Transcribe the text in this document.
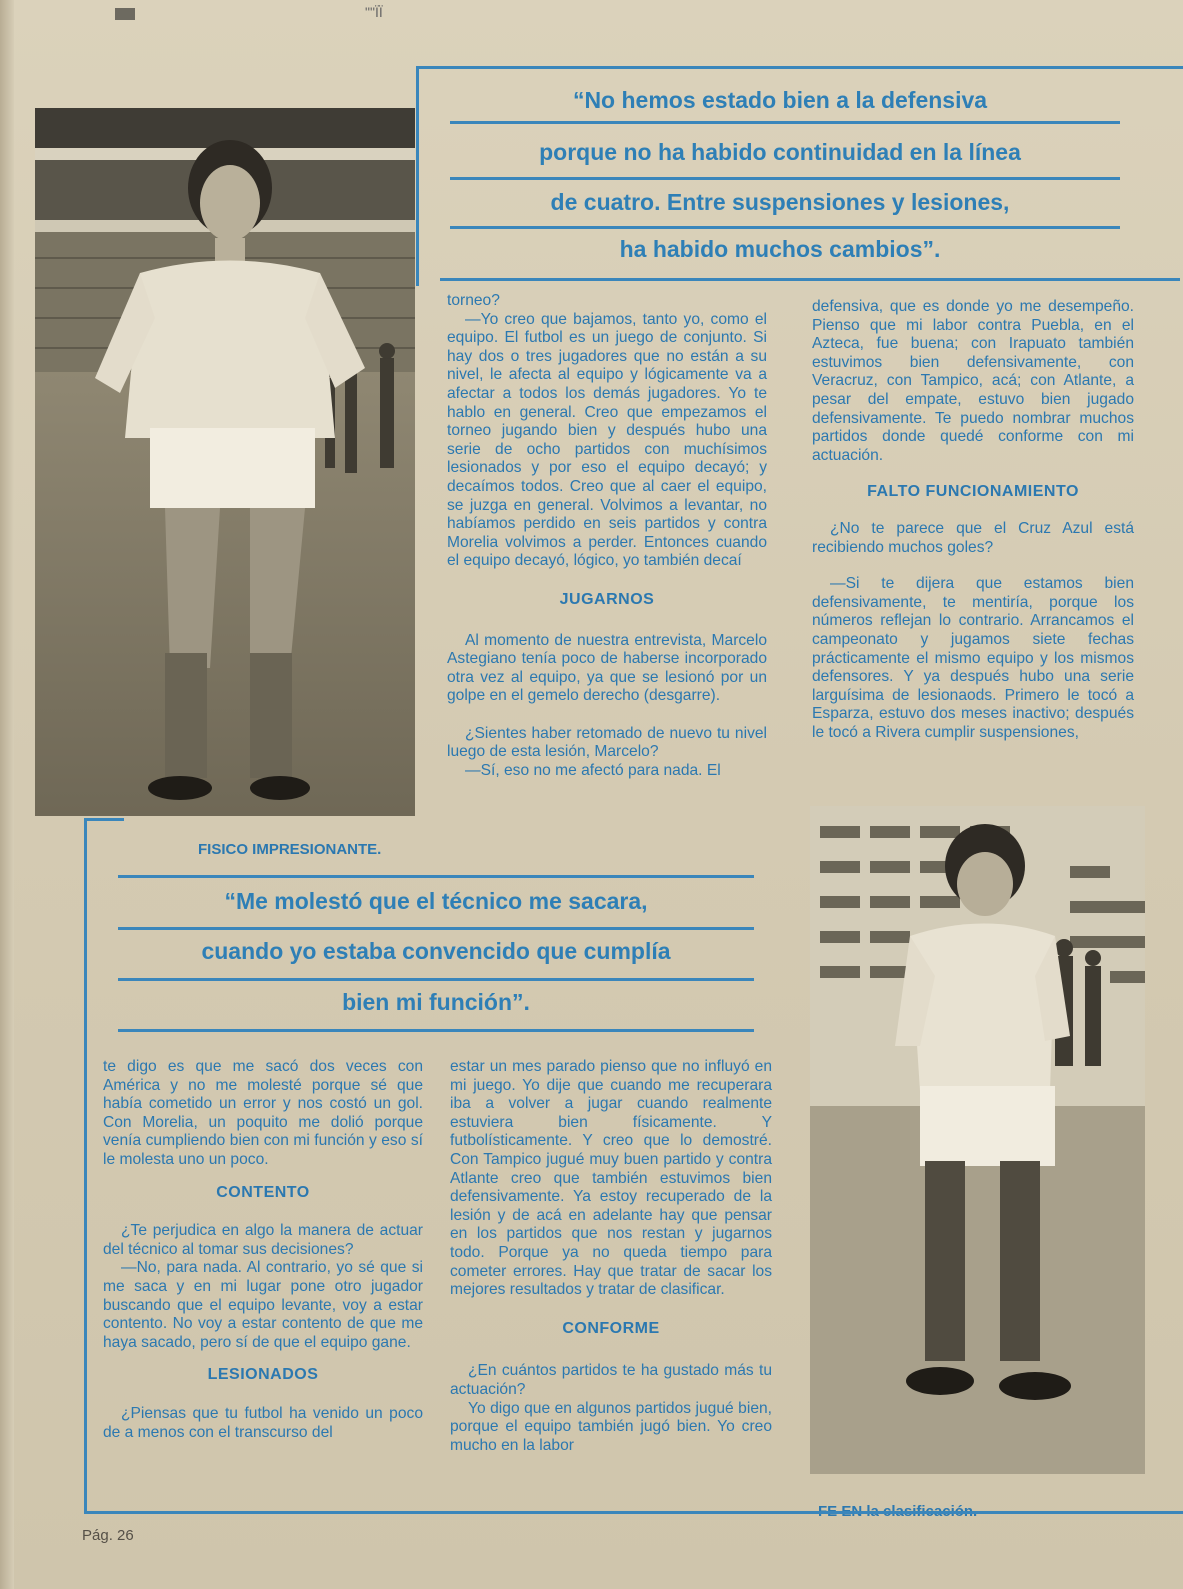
""ÏÏ
FISICO IMPRESIONANTE.
“No hemos estado bien a la defensiva
porque no ha habido continuidad en la línea
de cuatro. Entre suspensiones y lesiones,
ha habido muchos cambios”.

torneo?

—Yo creo que bajamos, tanto yo, como el equipo. El futbol es un juego de conjunto. Si hay dos o tres jugadores que no están a su nivel, le afecta al equipo y lógicamente va a afectar a todos los demás jugadores. Yo te hablo en general. Creo que empezamos el torneo jugando bien y después hubo una serie de ocho partidos con muchísimos lesionados y por eso el equipo decayó; y decaímos todos. Creo que al caer el equipo, se juzga en general. Volvimos a levantar, no habíamos perdido en seis partidos y contra Morelia volvimos a perder. Entonces cuando el equipo decayó, lógico, yo también decaí

JUGARNOS

Al momento de nuestra entrevista, Marcelo Astegiano tenía poco de haberse incorporado otra vez al equipo, ya que se lesionó por un golpe en el gemelo derecho (desgarre).

¿Sientes haber retomado de nuevo tu nivel luego de esta lesión, Marcelo?

—Sí, eso no me afectó para nada. El

defensiva, que es donde yo me desempeño. Pienso que mi labor contra Puebla, en el Azteca, fue buena; con Irapuato también estuvimos bien defensivamente, con Veracruz, con Tampico, acá; con Atlante, a pesar del empate, estuvo bien jugado defensivamente. Te puedo nombrar muchos partidos donde quedé conforme con mi actuación.

FALTO FUNCIONAMIENTO

¿No te parece que el Cruz Azul está recibiendo muchos goles?

—Si te dijera que estamos bien defensivamente, te mentiría, porque los números reflejan lo contrario. Arrancamos el campeonato y jugamos siete fechas prácticamente el mismo equipo y los mismos defensores. Y ya después hubo una serie larguísima de lesionaods. Primero le tocó a Esparza, estuvo dos meses inactivo; después le tocó a Rivera cumplir suspensiones,

“Me molestó que el técnico me sacara,
cuando yo estaba convencido que cumplía
bien mi función”.

te digo es que me sacó dos veces con América y no me molesté porque sé que había cometido un error y nos costó un gol. Con Morelia, un poquito me dolió porque venía cumpliendo bien con mi función y eso sí le molesta uno un poco.

CONTENTO

¿Te perjudica en algo la manera de actuar del técnico al tomar sus decisiones?

—No, para nada. Al contrario, yo sé que si me saca y en mi lugar pone otro jugador buscando que el equipo levante, voy a estar contento. No voy a estar contento de que me haya sacado, pero sí de que el equipo gane.

LESIONADOS

¿Piensas que tu futbol ha venido un poco de a menos con el transcurso del

estar un mes parado pienso que no influyó en mi juego. Yo dije que cuando me recuperara iba a volver a jugar cuando realmente estuviera bien físicamente. Y futbolísticamente. Y creo que lo demostré. Con Tampico jugué muy buen partido y contra Atlante creo que también estuvimos bien defensivamente. Ya estoy recuperado de la lesión y de acá en adelante hay que pensar en los partidos que nos restan y jugarnos todo. Porque ya no queda tiempo para cometer errores. Hay que tratar de sacar los mejores resultados y tratar de clasificar.

CONFORME

¿En cuántos partidos te ha gustado más tu actuación?

Yo digo que en algunos partidos jugué bien, porque el equipo también jugó bien. Yo creo mucho en la labor

Pág. 26
